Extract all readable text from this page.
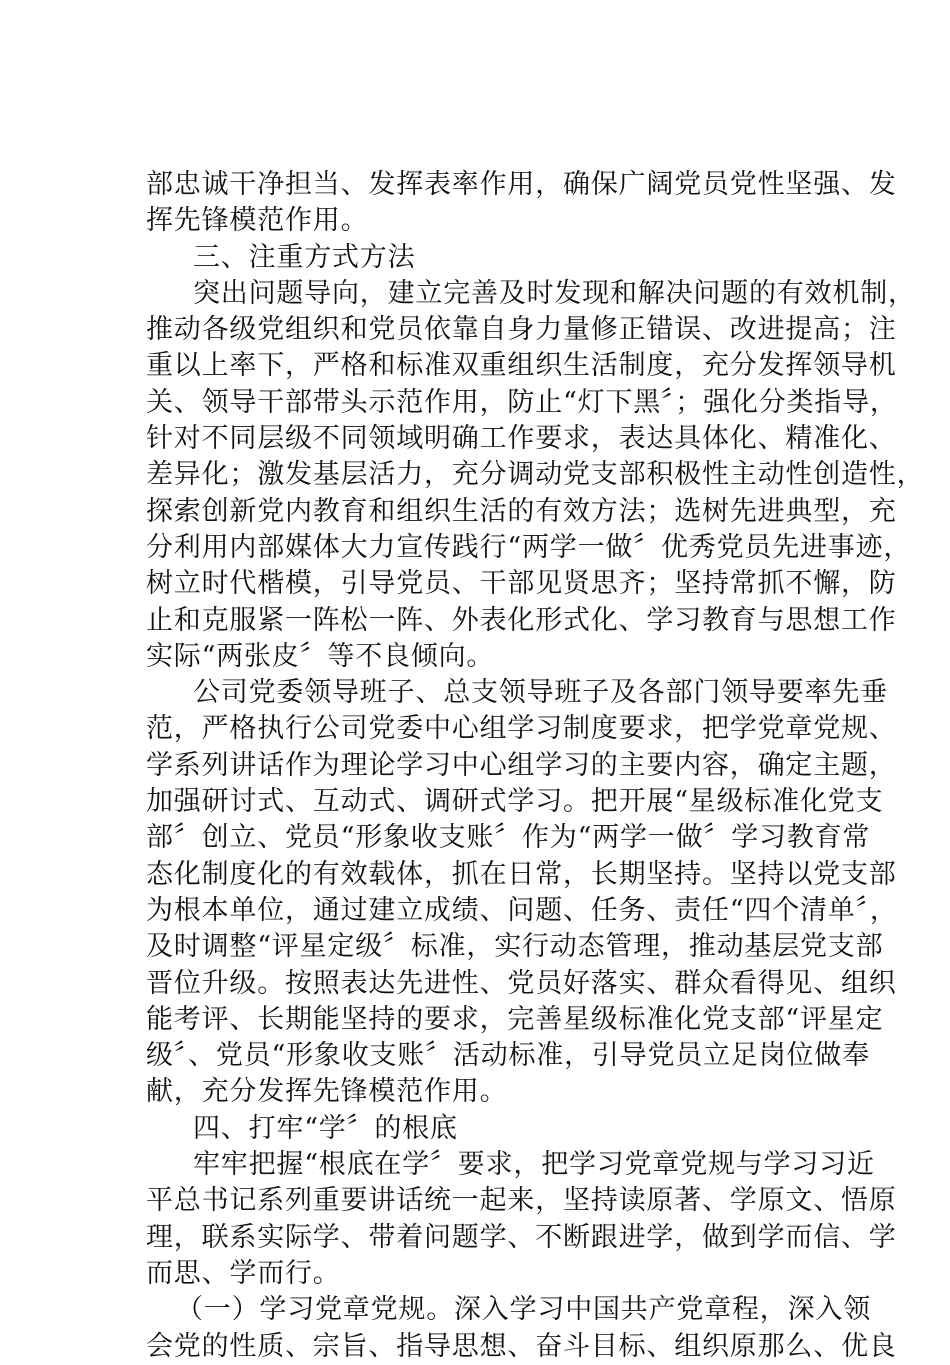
部忠诚干净担当、发挥表率作用，确保广阔党员党性坚强、发
挥先锋模范作用。
三、注重方式方法
突出问题导向，建立完善及时发现和解决问题的有效机制，
推动各级党组织和党员依靠自身力量修正错误、改进提高；注
重以上率下，严格和标准双重组织生活制度，充分发挥领导机
关、领导干部带头示范作用，防止“灯下黑〞；强化分类指导，
针对不同层级不同领域明确工作要求，表达具体化、精准化、
差异化；激发基层活力，充分调动党支部积极性主动性创造性，
探索创新党内教育和组织生活的有效方法；选树先进典型，充
分利用内部媒体大力宣传践行“两学一做〞优秀党员先进事迹，
树立时代楷模，引导党员、干部见贤思齐；坚持常抓不懈，防
止和克服紧一阵松一阵、外表化形式化、学习教育与思想工作
实际“两张皮〞等不良倾向。
公司党委领导班子、总支领导班子及各部门领导要率先垂
范，严格执行公司党委中心组学习制度要求，把学党章党规、
学系列讲话作为理论学习中心组学习的主要内容，确定主题，
加强研讨式、互动式、调研式学习。把开展“星级标准化党支
部〞创立、党员“形象收支账〞作为“两学一做〞学习教育常
态化制度化的有效载体，抓在日常，长期坚持。坚持以党支部
为根本单位，通过建立成绩、问题、任务、责任“四个清单〞，
及时调整“评星定级〞标准，实行动态管理，推动基层党支部
晋位升级。按照表达先进性、党员好落实、群众看得见、组织
能考评、长期能坚持的要求，完善星级标准化党支部“评星定
级〞、党员“形象收支账〞活动标准，引导党员立足岗位做奉
献，充分发挥先锋模范作用。
四、打牢“学〞的根底
牢牢把握“根底在学〞要求，把学习党章党规与学习习近
平总书记系列重要讲话统一起来，坚持读原著、学原文、悟原
理，联系实际学、带着问题学、不断跟进学，做到学而信、学
而思、学而行。
（一）学习党章党规。深入学习中国共产党章程，深入领
会党的性质、宗旨、指导思想、奋斗目标、组织原那么、优良
